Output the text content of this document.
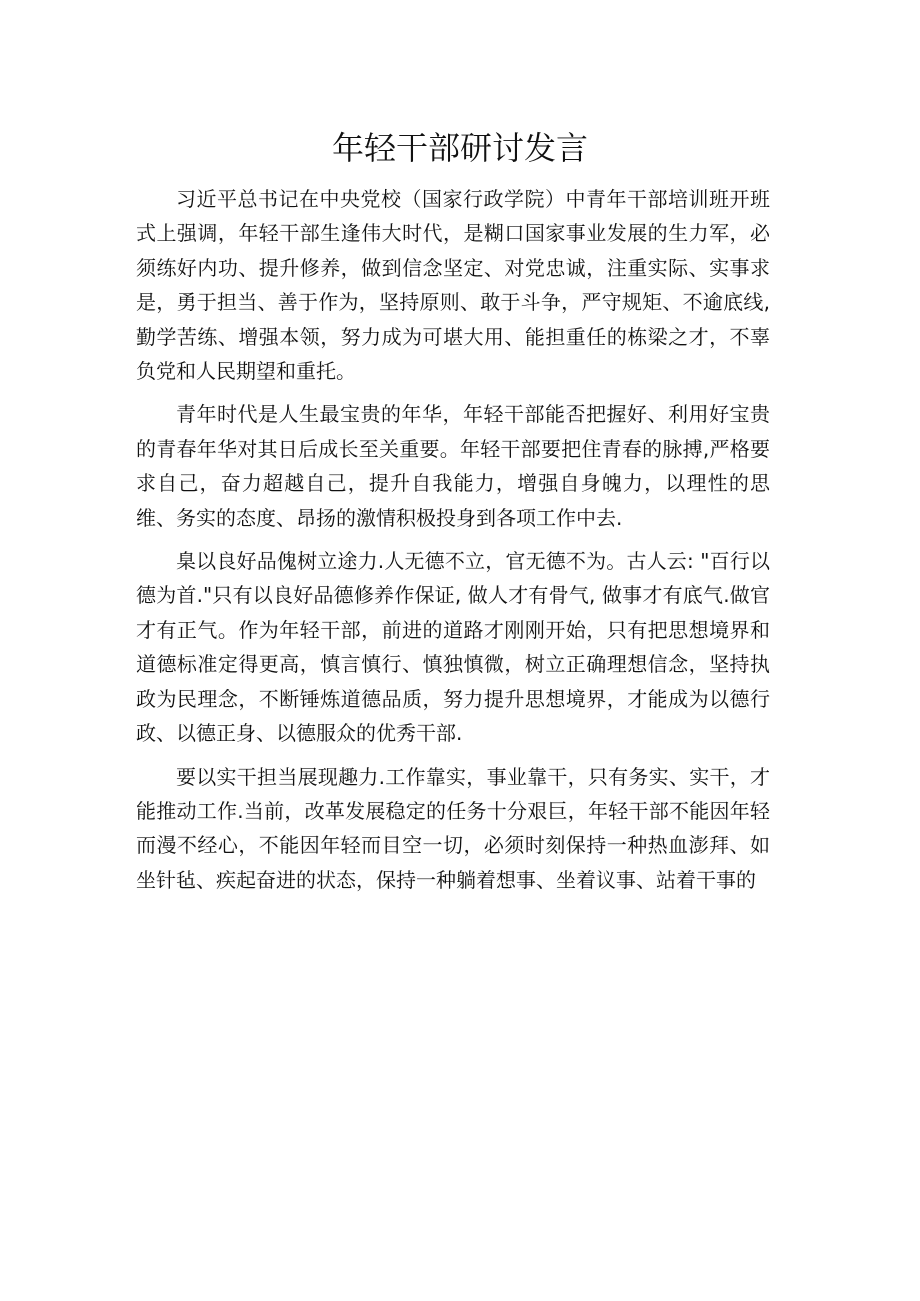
年轻干部研讨发言

习近平总书记在中央党校（国家行政学院）中青年干部培训班开班式上强调，年轻干部生逢伟大时代，是糊口国家事业发展的生力军，必须练好内功、提升修养，做到信念坚定、对党忠诚，注重实际、实事求是，勇于担当、善于作为，坚持原则、敢于斗争，严守规矩、不逾底线,勤学苦练、增强本领，努力成为可堪大用、能担重任的栋梁之才，不辜负党和人民期望和重托。

青年时代是人生最宝贵的年华，年轻干部能否把握好、利用好宝贵的青春年华对其日后成长至关重要。年轻干部要把住青春的脉搏,严格要求自己，奋力超越自己，提升自我能力，增强自身魄力，以理性的思维、务实的态度、昂扬的激情积极投身到各项工作中去.

臬以良好品傀树立途力.人无德不立，官无德不为。古人云: "百行以德为首."只有以良好品德修养作保证, 做人才有骨气, 做事才有底气.做官才有正气。作为年轻干部，前进的道路才刚刚开始，只有把思想境界和道德标准定得更高，慎言慎行、慎独慎微，树立正确理想信念，坚持执政为民理念，不断锤炼道德品质，努力提升思想境界，才能成为以德行政、以德正身、以德服众的优秀干部.

要以实干担当展现趣力.工作靠实，事业靠干，只有务实、实干，才能推动工作.当前，改革发展稳定的任务十分艰巨，年轻干部不能因年轻而漫不经心，不能因年轻而目空一切，必须时刻保持一种热血澎拜、如坐针毡、疾起奋进的状态，保持一种躺着想事、坐着议事、站着干事的
